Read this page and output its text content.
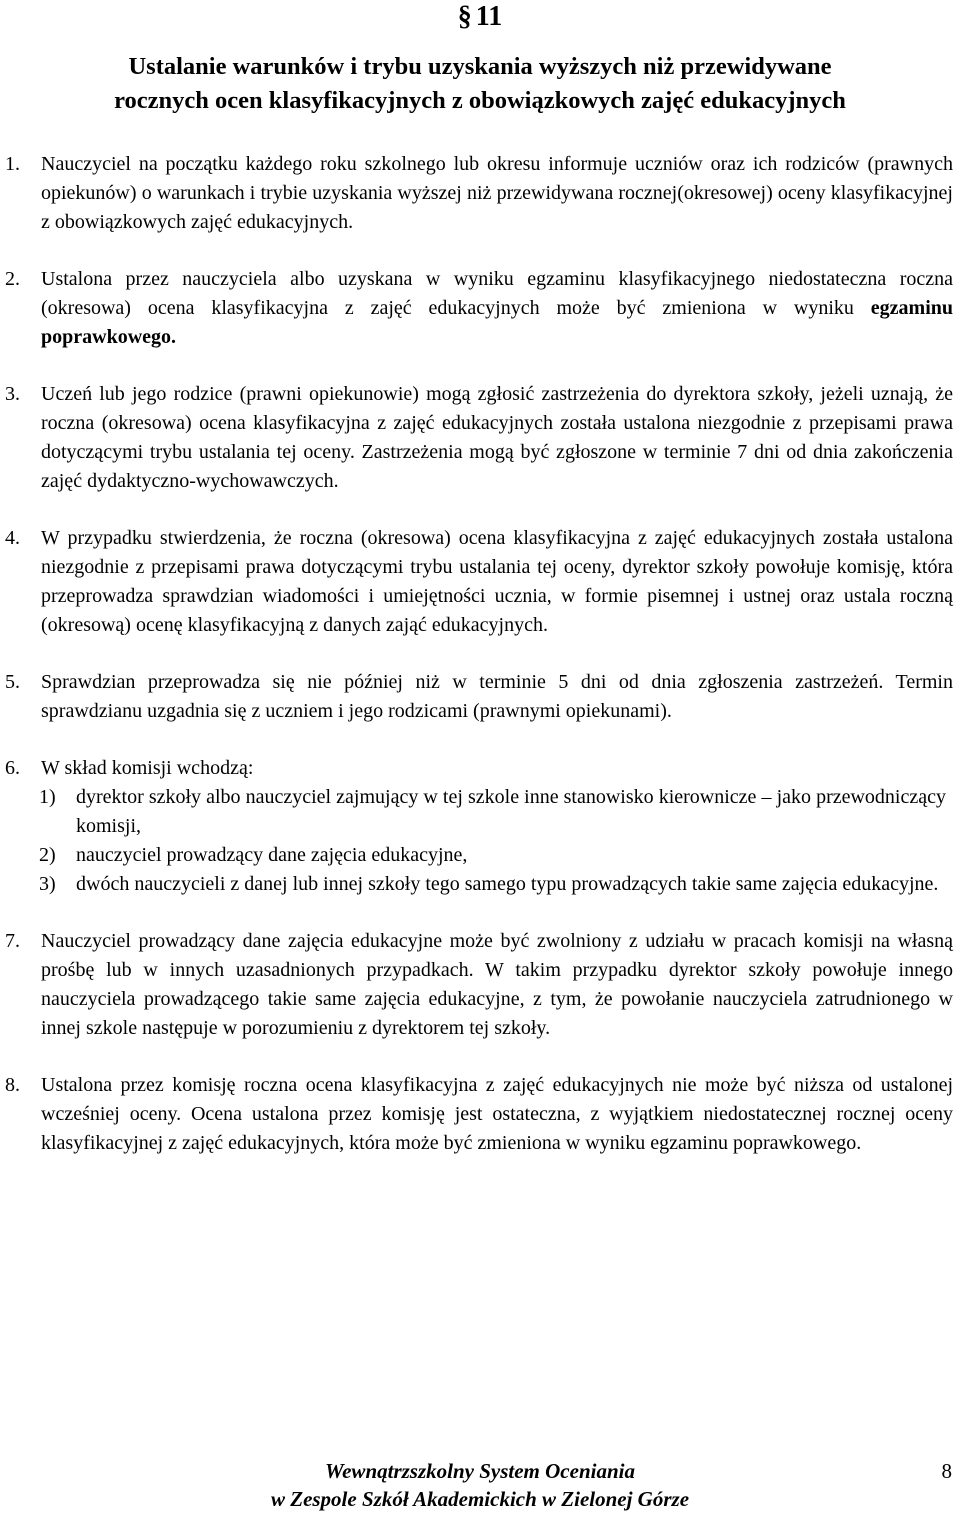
§ 11
Ustalanie warunków i trybu uzyskania wyższych niż przewidywane
rocznych ocen klasyfikacyjnych z obowiązkowych zajęć edukacyjnych
1. Nauczyciel na początku każdego roku szkolnego lub okresu informuje uczniów oraz ich rodziców (prawnych opiekunów) o warunkach i trybie uzyskania wyższej niż przewidywana rocznej(okresowej) oceny klasyfikacyjnej z obowiązkowych zajęć edukacyjnych.
2. Ustalona przez nauczyciela albo uzyskana w wyniku egzaminu klasyfikacyjnego niedostateczna roczna (okresowa) ocena klasyfikacyjna z zajęć edukacyjnych może być zmieniona w wyniku egzaminu poprawkowego.
3. Uczeń lub jego rodzice (prawni opiekunowie) mogą zgłosić zastrzeżenia do dyrektora szkoły, jeżeli uznają, że roczna (okresowa) ocena klasyfikacyjna z zajęć edukacyjnych została ustalona niezgodnie z przepisami prawa dotyczącymi trybu ustalania tej oceny. Zastrzeżenia mogą być zgłoszone w terminie 7 dni od dnia zakończenia zajęć dydaktyczno-wychowawczych.
4. W przypadku stwierdzenia, że roczna (okresowa) ocena klasyfikacyjna z zajęć edukacyjnych została ustalona niezgodnie z przepisami prawa dotyczącymi trybu ustalania tej oceny, dyrektor szkoły powołuje komisję, która przeprowadza sprawdzian wiadomości i umiejętności ucznia, w formie pisemnej i ustnej oraz ustala roczną (okresową) ocenę klasyfikacyjną z danych zająć edukacyjnych.
5. Sprawdzian przeprowadza się nie później niż w terminie 5 dni od dnia zgłoszenia zastrzeżeń. Termin sprawdzianu uzgadnia się z uczniem i jego rodzicami (prawnymi opiekunami).
6. W skład komisji wchodzą:
1) dyrektor szkoły albo nauczyciel zajmujący w tej szkole inne stanowisko kierownicze – jako przewodniczący komisji,
2) nauczyciel prowadzący dane zajęcia edukacyjne,
3) dwóch nauczycieli z danej lub innej szkoły tego samego typu prowadzących takie same zajęcia edukacyjne.
7. Nauczyciel prowadzący dane zajęcia edukacyjne może być zwolniony z udziału w pracach komisji na własną prośbę lub w innych uzasadnionych przypadkach. W takim przypadku dyrektor szkoły powołuje innego nauczyciela prowadzącego takie same zajęcia edukacyjne, z tym, że powołanie nauczyciela zatrudnionego w innej szkole następuje w porozumieniu z dyrektorem tej szkoły.
8. Ustalona przez komisję roczna ocena klasyfikacyjna z zajęć edukacyjnych nie może być niższa od ustalonej wcześniej oceny. Ocena ustalona przez komisję jest ostateczna, z wyjątkiem niedostatecznej rocznej oceny klasyfikacyjnej z zajęć edukacyjnych, która może być zmieniona w wyniku egzaminu poprawkowego.
Wewnątrzszkolny System Oceniania
w Zespole Szkół Akademickich w Zielonej Górze
8
